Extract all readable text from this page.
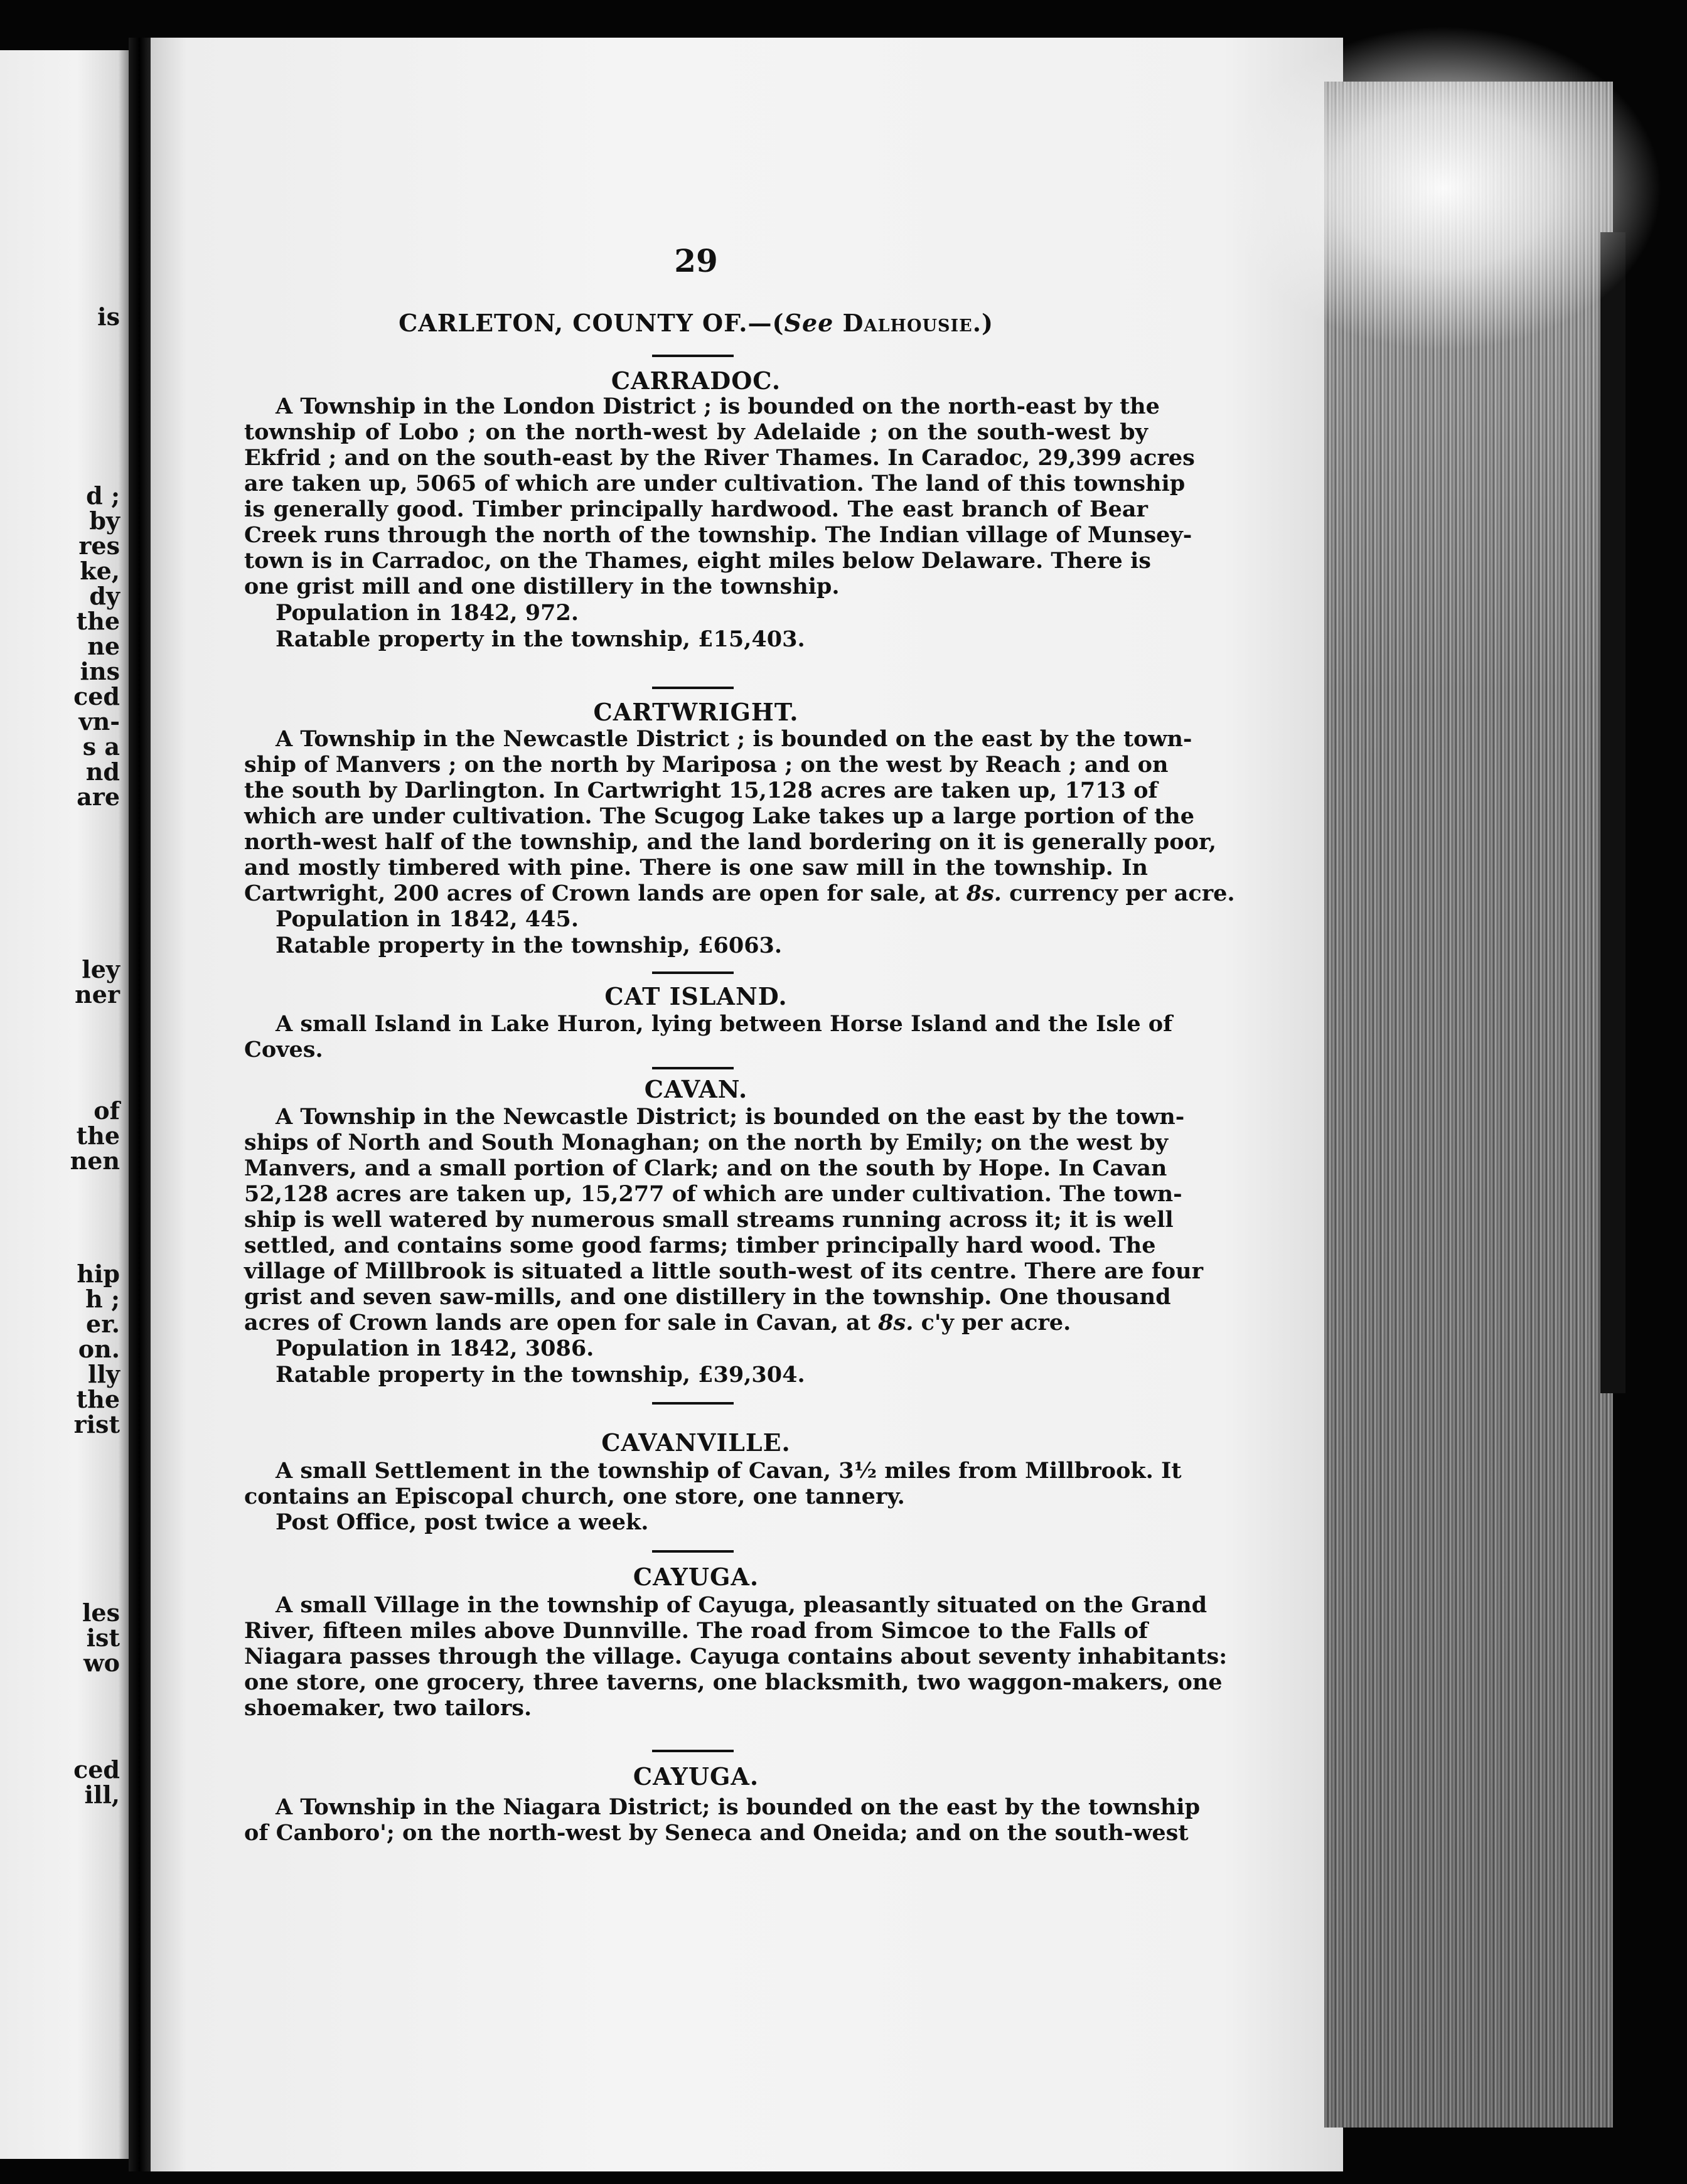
is
d ;
by
res
ke,
dy
the
ne
ins
ced
vn-
s a
nd
are
ley
ner
of
the
nen
hip
h ;
er.
on.
lly
the
rist
les
ist
wo
ced
ill,
29
CARLETON, COUNTY OF.—(See Dalhousie.)
CARRADOC.
A Township in the London District ; is bounded on the north-east by the
township of Lobo ; on the north-west by Adelaide ; on the south-west by
Ekfrid ; and on the south-east by the River Thames. In Caradoc, 29,399 acres
are taken up, 5065 of which are under cultivation. The land of this township
is generally good. Timber principally hardwood. The east branch of Bear
Creek runs through the north of the township. The Indian village of Munsey-
town is in Carradoc, on the Thames, eight miles below Delaware. There is
one grist mill and one distillery in the township.
Population in 1842, 972.
Ratable property in the township, £15,403.
CARTWRIGHT.
A Township in the Newcastle District ; is bounded on the east by the town-
ship of Manvers ; on the north by Mariposa ; on the west by Reach ; and on
the south by Darlington. In Cartwright 15,128 acres are taken up, 1713 of
which are under cultivation. The Scugog Lake takes up a large portion of the
north-west half of the township, and the land bordering on it is generally poor,
and mostly timbered with pine. There is one saw mill in the township. In
Cartwright, 200 acres of Crown lands are open for sale, at 8s. currency per acre.
Population in 1842, 445.
Ratable property in the township, £6063.
CAT ISLAND.
A small Island in Lake Huron, lying between Horse Island and the Isle of
Coves.
CAVAN.
A Township in the Newcastle District; is bounded on the east by the town-
ships of North and South Monaghan; on the north by Emily; on the west by
Manvers, and a small portion of Clark; and on the south by Hope. In Cavan
52,128 acres are taken up, 15,277 of which are under cultivation. The town-
ship is well watered by numerous small streams running across it; it is well
settled, and contains some good farms; timber principally hard wood. The
village of Millbrook is situated a little south-west of its centre. There are four
grist and seven saw-mills, and one distillery in the township. One thousand
acres of Crown lands are open for sale in Cavan, at 8s. c'y per acre.
Population in 1842, 3086.
Ratable property in the township, £39,304.
CAVANVILLE.
A small Settlement in the township of Cavan, 3½ miles from Millbrook. It
contains an Episcopal church, one store, one tannery.
Post Office, post twice a week.
CAYUGA.
A small Village in the township of Cayuga, pleasantly situated on the Grand
River, fifteen miles above Dunnville. The road from Simcoe to the Falls of
Niagara passes through the village. Cayuga contains about seventy inhabitants:
one store, one grocery, three taverns, one blacksmith, two waggon-makers, one
shoemaker, two tailors.
CAYUGA.
A Township in the Niagara District; is bounded on the east by the township
of Canboro'; on the north-west by Seneca and Oneida; and on the south-west
